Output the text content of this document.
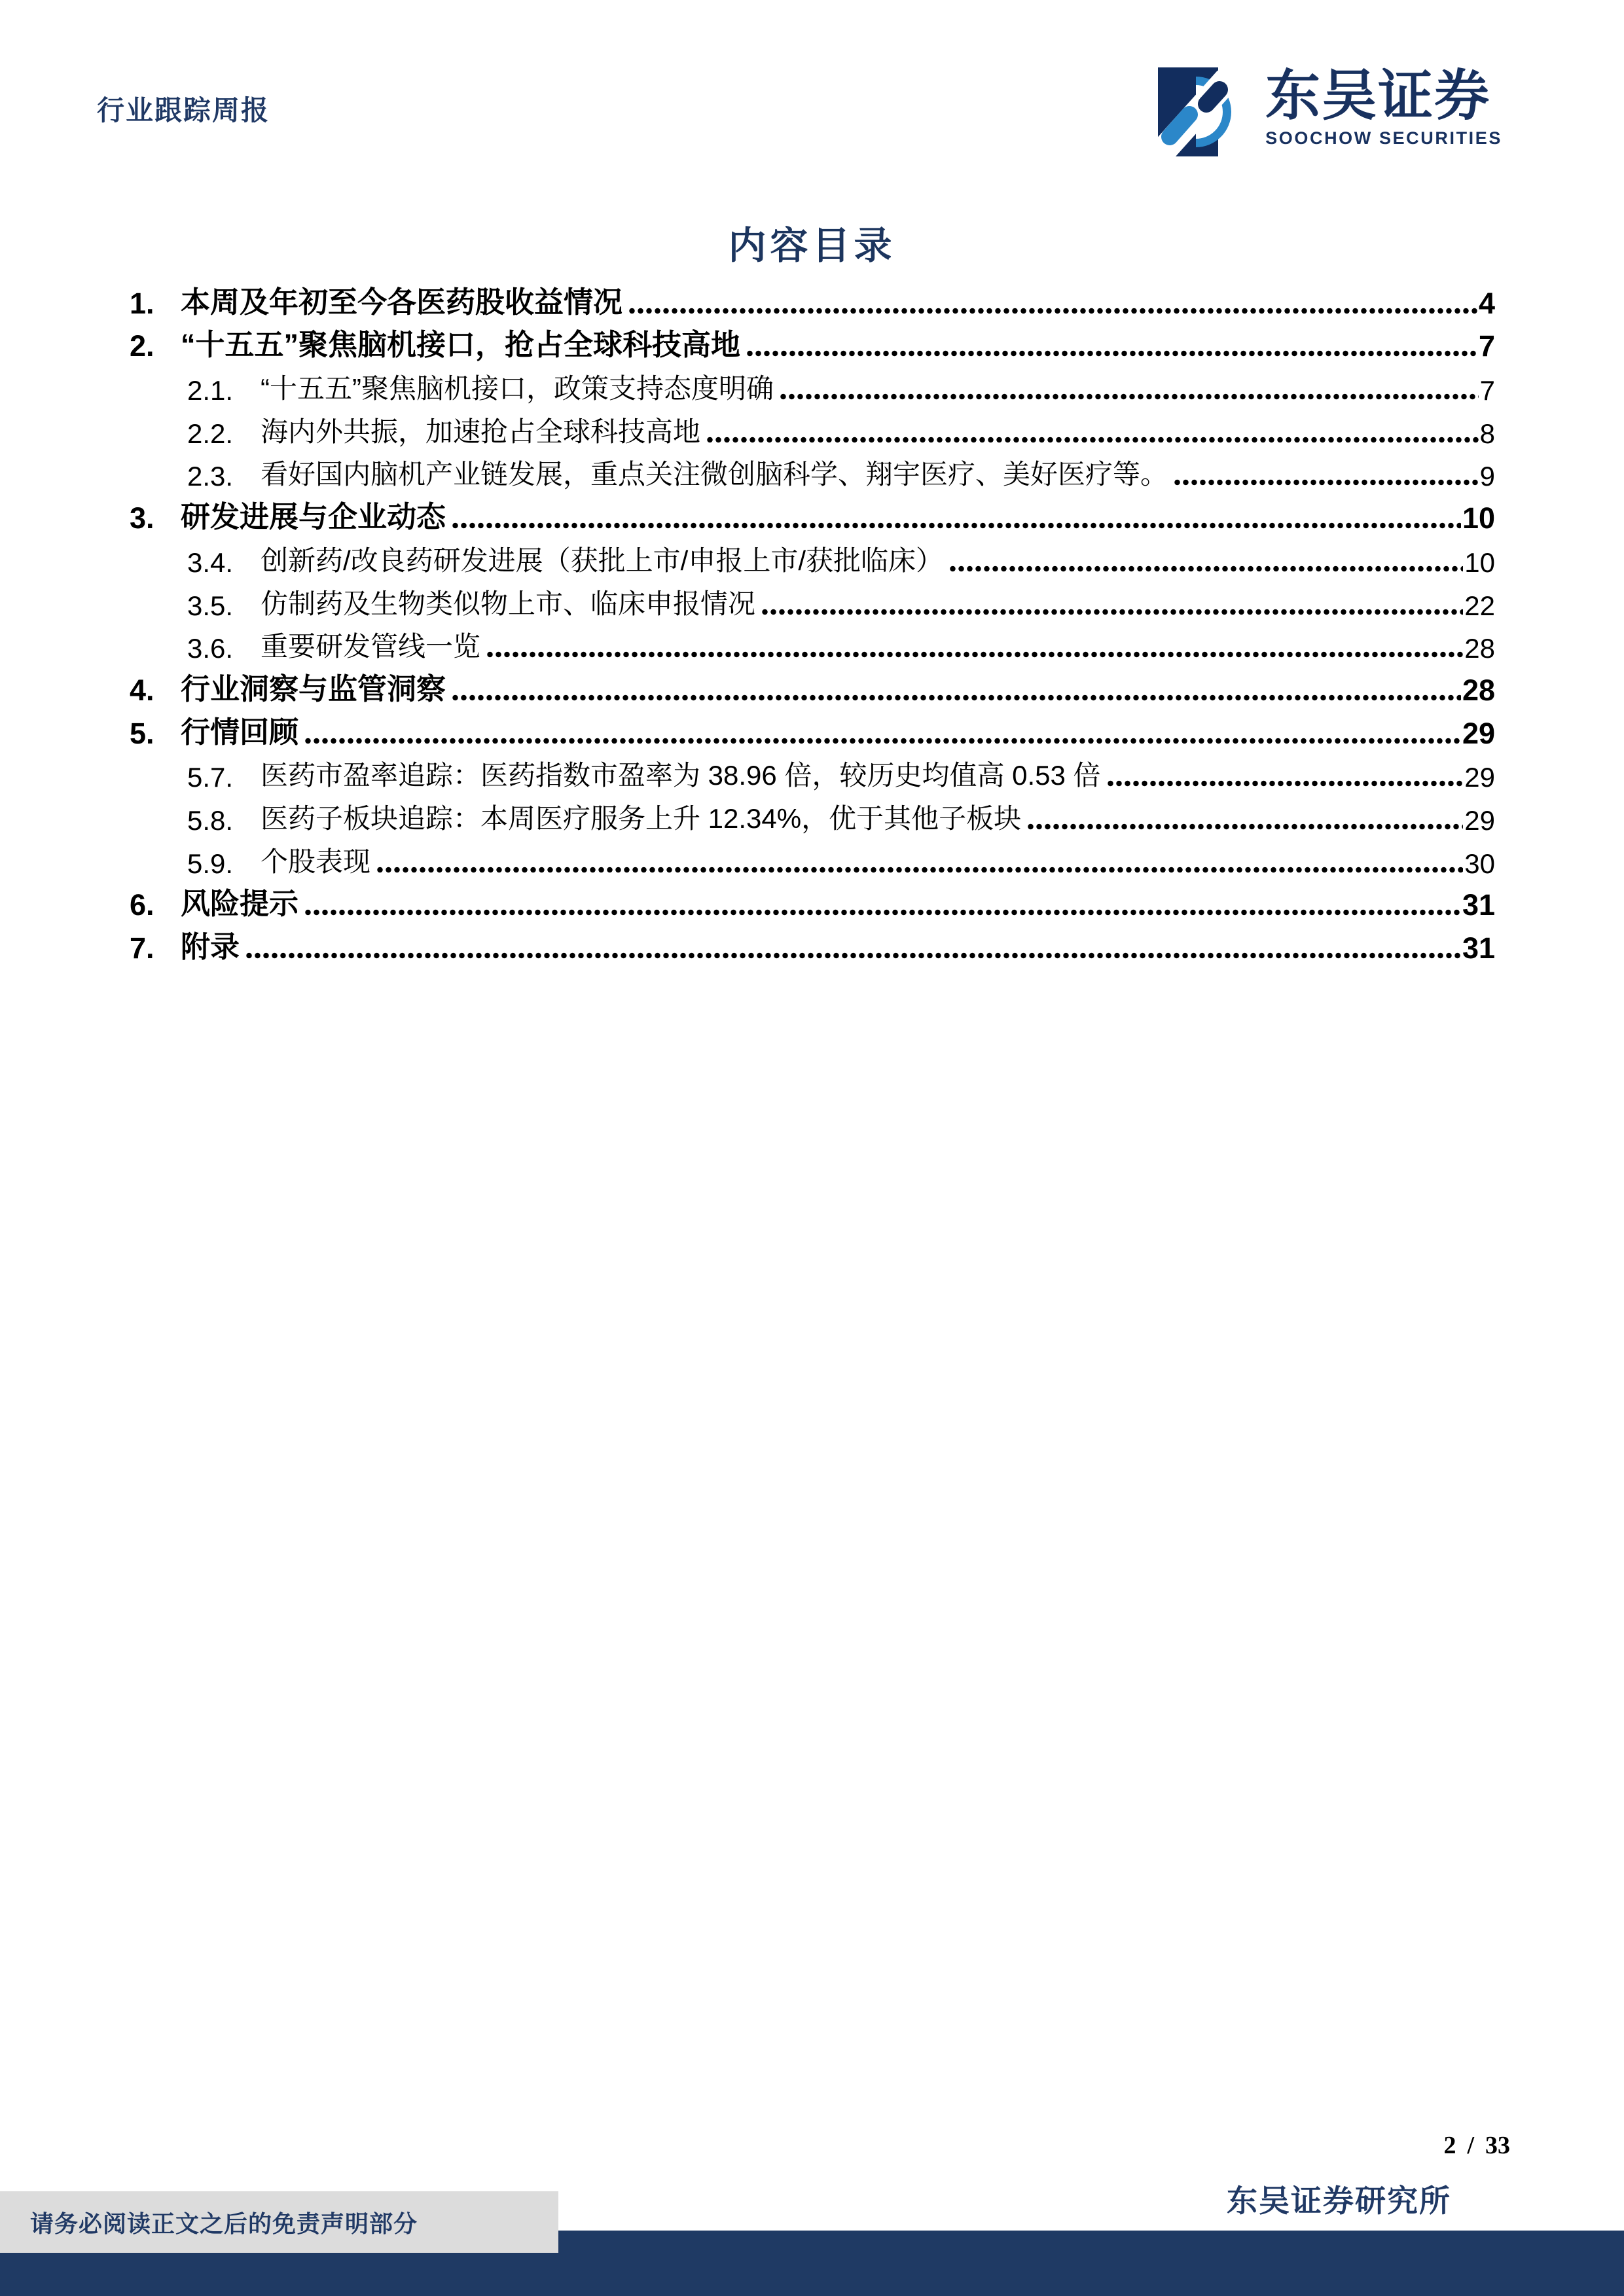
行业跟踪周报	东吴证券
SOOCHOW SECURITIES
内容目录
1. 本周及年初至今各医药股收益情况	4
2. “十五五”聚焦脑机接口，抢占全球科技高地	7
2.1. “十五五”聚焦脑机接口，政策支持态度明确	7
2.2. 海内外共振，加速抢占全球科技高地	8
2.3. 看好国内脑机产业链发展，重点关注微创脑科学、翔宇医疗、美好医疗等。	9
3. 研发进展与企业动态	10
3.4. 创新药/改良药研发进展（获批上市/申报上市/获批临床）	10
3.5. 仿制药及生物类似物上市、临床申报情况	22
3.6. 重要研发管线一览	28
4. 行业洞察与监管洞察	28
5. 行情回顾	29
5.7. 医药市盈率追踪：医药指数市盈率为 38.96 倍，较历史均值高 0.53 倍	29
5.8. 医药子板块追踪：本周医疗服务上升 12.34%，优于其他子板块	29
5.9. 个股表现	30
6. 风险提示	31
7. 附录	31
2 / 33
东吴证券研究所
请务必阅读正文之后的免责声明部分
